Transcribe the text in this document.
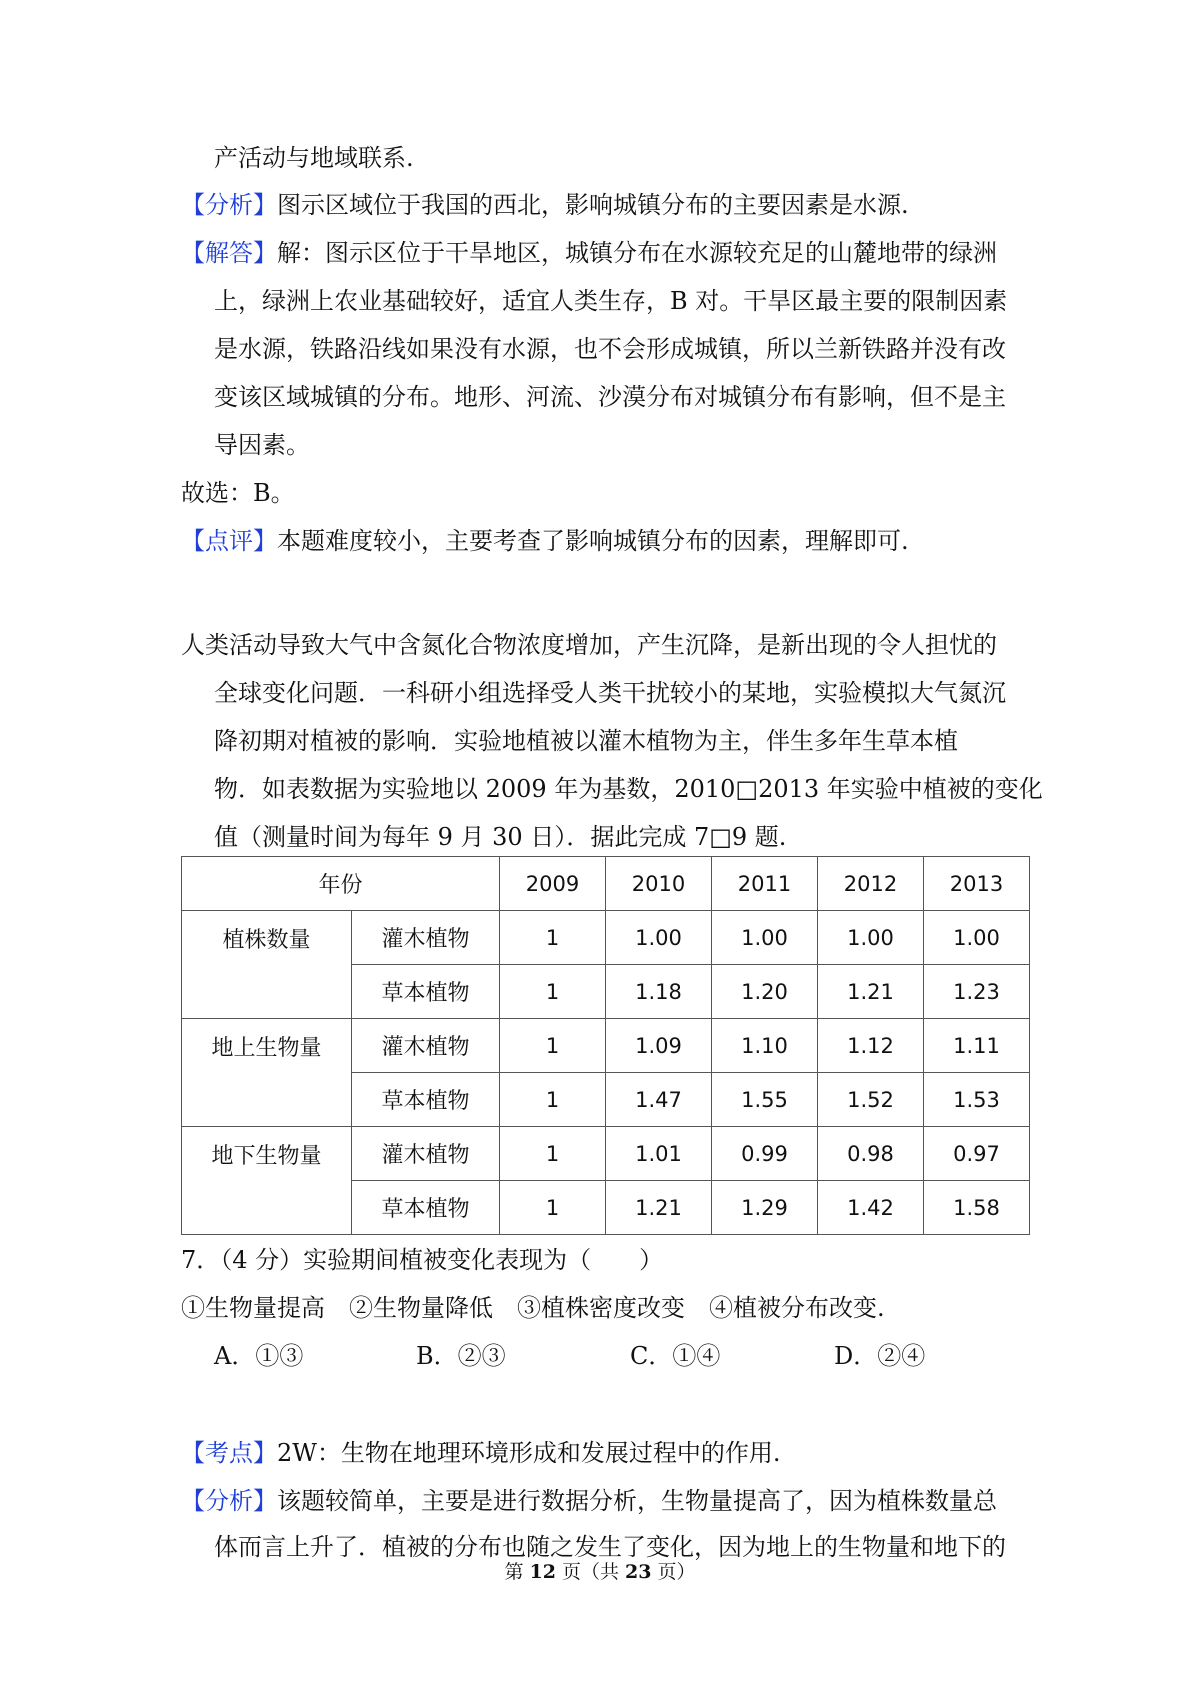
产活动与地域联系.
【分析】图示区域位于我国的西北，影响城镇分布的主要因素是水源.
【解答】解：图示区位于干旱地区，城镇分布在水源较充足的山麓地带的绿洲
上，绿洲上农业基础较好，适宜人类生存，B 对。干旱区最主要的限制因素
是水源，铁路沿线如果没有水源，也不会形成城镇，所以兰新铁路并没有改
变该区域城镇的分布。地形、河流、沙漠分布对城镇分布有影响，但不是主
导因素。
故选：B。
【点评】本题难度较小，主要考查了影响城镇分布的因素，理解即可.
人类活动导致大气中含氮化合物浓度增加，产生沉降，是新出现的令人担忧的
全球变化问题．一科研小组选择受人类干扰较小的某地，实验模拟大气氮沉
降初期对植被的影响．实验地植被以灌木植物为主，伴生多年生草本植
物．如表数据为实验地以 2009 年为基数，2010□2013 年实验中植被的变化
值（测量时间为每年 9 月 30 日）．据此完成 7□9 题.
年份		2009	2010	2011	2012	2013
植株数量	灌木植物	1	1.00	1.00	1.00	1.00
	草本植物	1	1.18	1.20	1.21	1.23
地上生物量	灌木植物	1	1.09	1.10	1.12	1.11
	草本植物	1	1.47	1.55	1.52	1.53
地下生物量	灌木植物	1	1.01	0.99	0.98	0.97
	草本植物	1	1.21	1.29	1.42	1.58
7．（4 分）实验期间植被变化表现为（　　）
①生物量提高　②生物量降低　③植株密度改变　④植被分布改变.
A．①③	B．②③	C．①④	D．②④
【考点】2W：生物在地理环境形成和发展过程中的作用.
【分析】该题较简单，主要是进行数据分析，生物量提高了，因为植株数量总
体而言上升了．植被的分布也随之发生了变化，因为地上的生物量和地下的
第 12 页（共 23 页）
